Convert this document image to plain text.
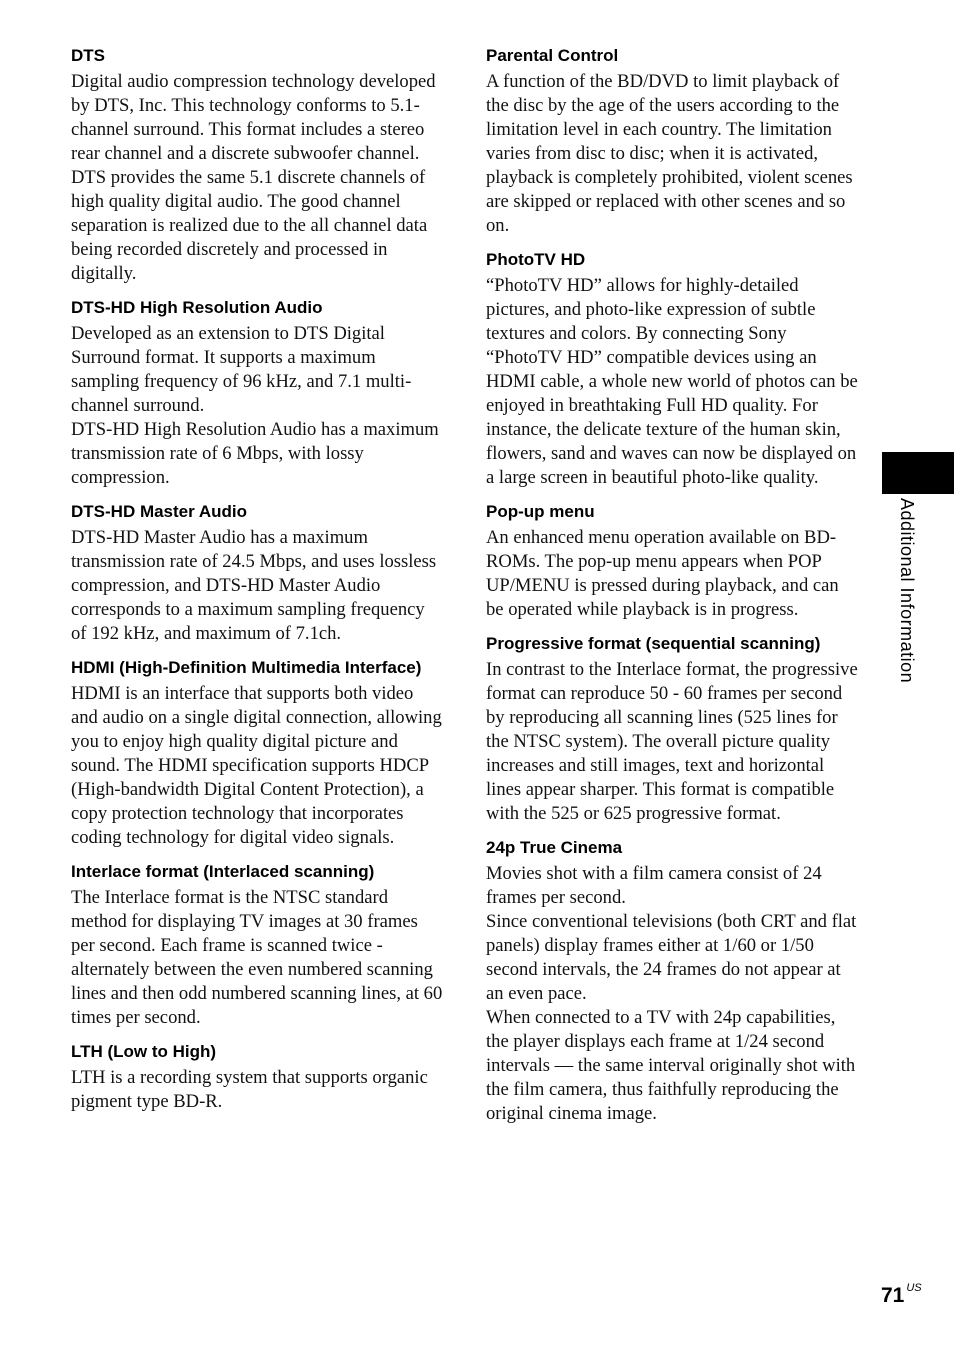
DTS

Digital audio compression technology developed by DTS, Inc. This technology conforms to 5.1-channel surround. This format includes a stereo rear channel and a discrete subwoofer channel. DTS provides the same 5.1 discrete channels of high quality digital audio. The good channel separation is realized due to the all channel data being recorded discretely and processed in digitally.

DTS-HD High Resolution Audio

Developed as an extension to DTS Digital Surround format. It supports a maximum sampling frequency of 96 kHz, and 7.1 multi-channel surround.

DTS-HD High Resolution Audio has a maximum transmission rate of 6 Mbps, with lossy compression.

DTS-HD Master Audio

DTS-HD Master Audio has a maximum transmission rate of 24.5 Mbps, and uses lossless compression, and DTS-HD Master Audio corresponds to a maximum sampling frequency of 192 kHz, and maximum of 7.1ch.

HDMI (High-Definition Multimedia Interface)

HDMI is an interface that supports both video and audio on a single digital connection, allowing you to enjoy high quality digital picture and sound. The HDMI specification supports HDCP (High-bandwidth Digital Content Protection), a copy protection technology that incorporates coding technology for digital video signals.

Interlace format (Interlaced scanning)

The Interlace format is the NTSC standard method for displaying TV images at 30 frames per second. Each frame is scanned twice - alternately between the even numbered scanning lines and then odd numbered scanning lines, at 60 times per second.

LTH (Low to High)

LTH is a recording system that supports organic pigment type BD-R.

Parental Control

A function of the BD/DVD to limit playback of the disc by the age of the users according to the limitation level in each country. The limitation varies from disc to disc; when it is activated, playback is completely prohibited, violent scenes are skipped or replaced with other scenes and so on.

PhotoTV HD

“PhotoTV HD” allows for highly-detailed pictures, and photo-like expression of subtle textures and colors. By connecting Sony “PhotoTV HD” compatible devices using an HDMI cable, a whole new world of photos can be enjoyed in breathtaking Full HD quality. For instance, the delicate texture of the human skin, flowers, sand and waves can now be displayed on a large screen in beautiful photo-like quality.

Pop-up menu

An enhanced menu operation available on BD-ROMs. The pop-up menu appears when POP UP/MENU is pressed during playback, and can be operated while playback is in progress.

Progressive format (sequential scanning)

In contrast to the Interlace format, the progressive format can reproduce 50 - 60 frames per second by reproducing all scanning lines (525 lines for the NTSC system). The overall picture quality increases and still images, text and horizontal lines appear sharper. This format is compatible with the 525 or 625 progressive format.

24p True Cinema

Movies shot with a film camera consist of 24 frames per second.

Since conventional televisions (both CRT and flat panels) display frames either at 1/60 or 1/50 second intervals, the 24 frames do not appear at an even pace.

When connected to a TV with 24p capabilities, the player displays each frame at 1/24 second intervals — the same interval originally shot with the film camera, thus faithfully reproducing the original cinema image.

Additional Information
71 $^{US}$
